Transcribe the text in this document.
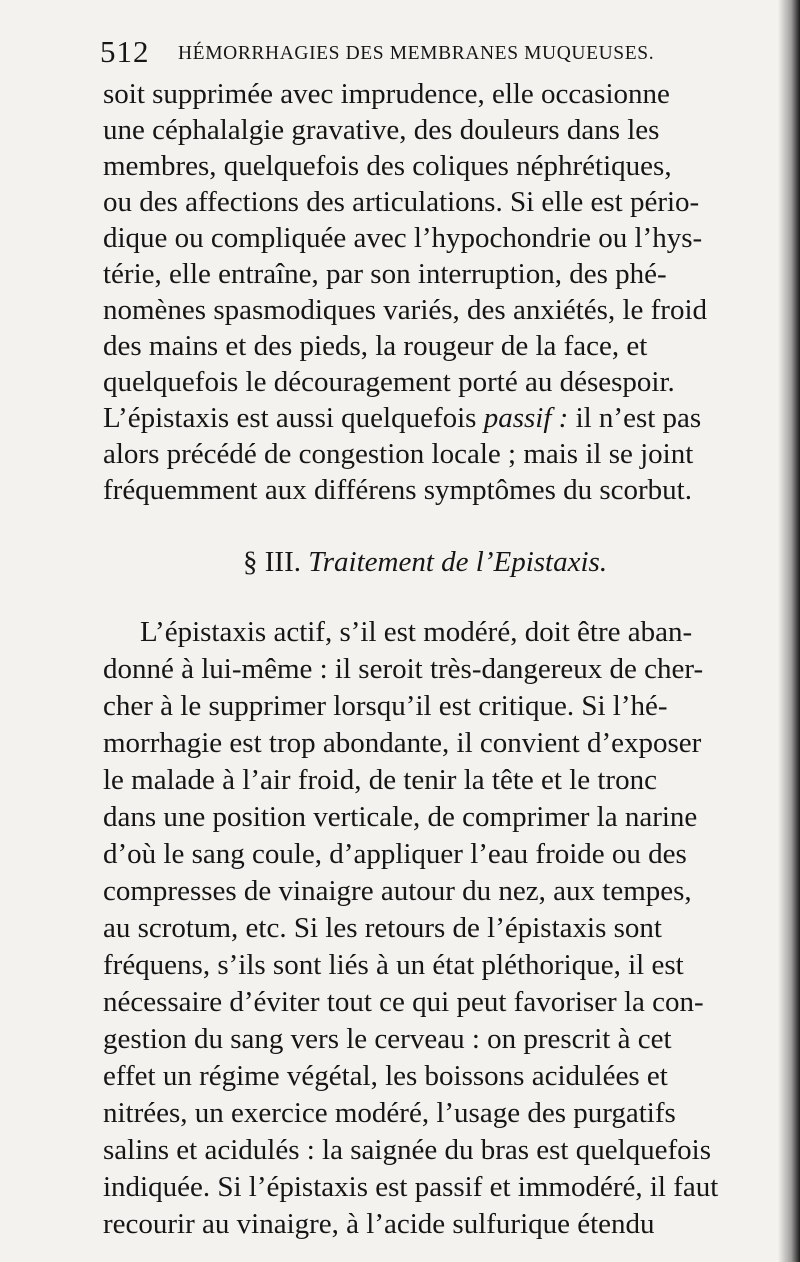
512 HÉMORRHAGIES DES MEMBRANES MUQUEUSES.
soit supprimée avec imprudence, elle occasionne
une céphalalgie gravative, des douleurs dans les
membres, quelquefois des coliques néphrétiques,
ou des affections des articulations. Si elle est pério-
dique ou compliquée avec l’hypochondrie ou l’hys-
térie, elle entraîne, par son interruption, des phé-
nomènes spasmodiques variés, des anxiétés, le froid
des mains et des pieds, la rougeur de la face, et
quelquefois le découragement porté au désespoir.
L’épistaxis est aussi quelquefois passif : il n’est pas
alors précédé de congestion locale ; mais il se joint
fréquemment aux différens symptômes du scorbut.
§ III. Traitement de l’Epistaxis.
L’épistaxis actif, s’il est modéré, doit être aban-
donné à lui-même : il seroit très-dangereux de cher-
cher à le supprimer lorsqu’il est critique. Si l’hé-
morrhagie est trop abondante, il convient d’exposer
le malade à l’air froid, de tenir la tête et le tronc
dans une position verticale, de comprimer la narine
d’où le sang coule, d’appliquer l’eau froide ou des
compresses de vinaigre autour du nez, aux tempes,
au scrotum, etc. Si les retours de l’épistaxis sont
fréquens, s’ils sont liés à un état pléthorique, il est
nécessaire d’éviter tout ce qui peut favoriser la con-
gestion du sang vers le cerveau : on prescrit à cet
effet un régime végétal, les boissons acidulées et
nitrées, un exercice modéré, l’usage des purgatifs
salins et acidulés : la saignée du bras est quelquefois
indiquée. Si l’épistaxis est passif et immodéré, il faut
recourir au vinaigre, à l’acide sulfurique étendu
